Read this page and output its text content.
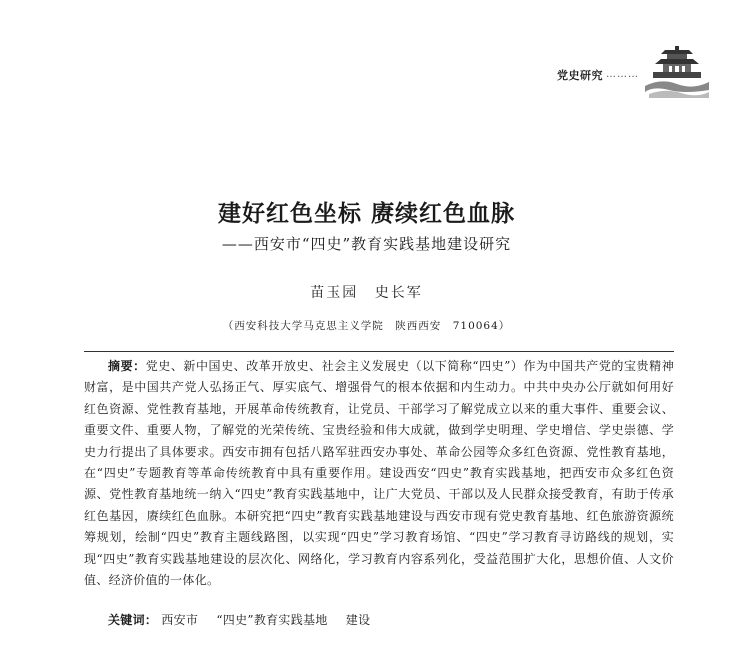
党史研究 ………
建好红色坐标 赓续红色血脉
——西安市“四史”教育实践基地建设研究
苗玉园 史长军
（西安科技大学马克思主义学院　陕西西安　710064）
摘要：党史、新中国史、改革开放史、社会主义发展史（以下简称“四史”）作为中国共产党的宝贵精神财富，是中国共产党人弘扬正气、厚实底气、增强骨气的根本依据和内生动力。中共中央办公厅就如何用好红色资源、党性教育基地，开展革命传统教育，让党员、干部学习了解党成立以来的重大事件、重要会议、重要文件、重要人物，了解党的光荣传统、宝贵经验和伟大成就，做到学史明理、学史增信、学史崇德、学史力行提出了具体要求。西安市拥有包括八路军驻西安办事处、革命公园等众多红色资源、党性教育基地，在“四史”专题教育等革命传统教育中具有重要作用。建设西安“四史”教育实践基地，把西安市众多红色资源、党性教育基地统一纳入“四史”教育实践基地中，让广大党员、干部以及人民群众接受教育，有助于传承红色基因，赓续红色血脉。本研究把“四史”教育实践基地建设与西安市现有党史教育基地、红色旅游资源统筹规划，绘制“四史”教育主题线路图，以实现“四史”学习教育场馆、“四史”学习教育寻访路线的规划，实现“四史”教育实践基地建设的层次化、网络化，学习教育内容系列化，受益范围扩大化，思想价值、人文价值、经济价值的一体化。
关键词： 西安市 “四史”教育实践基地 建设
